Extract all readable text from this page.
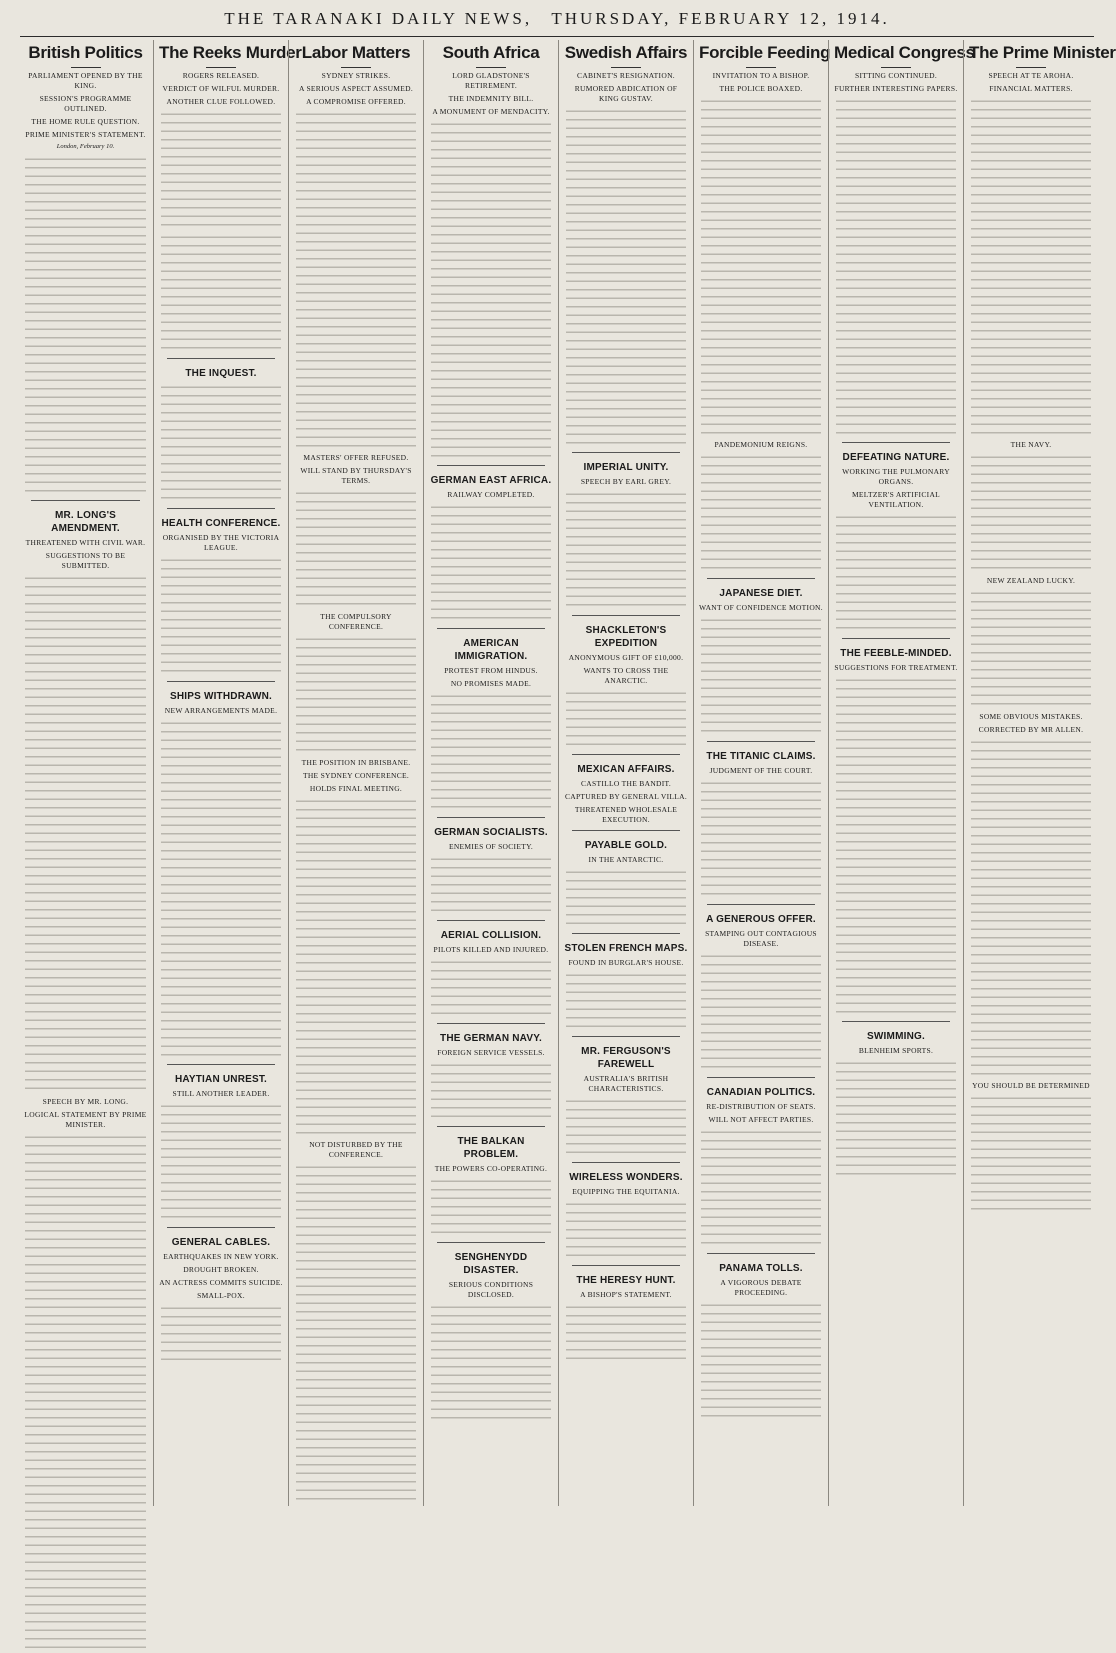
THE TARANAKI DAILY NEWS, THURSDAY, FEBRUARY 12, 1914.
British Politics
PARLIAMENT OPENED BY THE KING.
SESSION'S PROGRAMME OUTLINED.
THE HOME RULE QUESTION.
PRIME MINISTER'S STATEMENT.
London, February 10.
MR. LONG'S AMENDMENT.
THREATENED WITH CIVIL WAR.
SUGGESTIONS TO BE SUBMITTED.
SPEECH BY MR. LONG.
LOGICAL STATEMENT BY PRIME MINISTER.
The Reeks Murder
ROGERS RELEASED.
VERDICT OF WILFUL MURDER.
ANOTHER CLUE FOLLOWED.
THE INQUEST.
HEALTH CONFERENCE.
ORGANISED BY THE VICTORIA LEAGUE.
SHIPS WITHDRAWN.
NEW ARRANGEMENTS MADE.
HAYTIAN UNREST.
STILL ANOTHER LEADER.
GENERAL CABLES.
EARTHQUAKES IN NEW YORK.
DROUGHT BROKEN.
AN ACTRESS COMMITS SUICIDE.
SMALL-POX.
Labor Matters
SYDNEY STRIKES.
A SERIOUS ASPECT ASSUMED.
A COMPROMISE OFFERED.
MASTERS' OFFER REFUSED.
WILL STAND BY THURSDAY'S TERMS.
THE COMPULSORY CONFERENCE.
THE POSITION IN BRISBANE.
THE SYDNEY CONFERENCE.
HOLDS FINAL MEETING.
NOT DISTURBED BY THE CONFERENCE.
South Africa
LORD GLADSTONE'S RETIREMENT.
THE INDEMNITY BILL.
A MONUMENT OF MENDACITY.
GERMAN EAST AFRICA.
RAILWAY COMPLETED.
AMERICAN IMMIGRATION.
PROTEST FROM HINDUS.
NO PROMISES MADE.
GERMAN SOCIALISTS.
ENEMIES OF SOCIETY.
AERIAL COLLISION.
PILOTS KILLED AND INJURED.
THE GERMAN NAVY.
FOREIGN SERVICE VESSELS.
THE BALKAN PROBLEM.
THE POWERS CO-OPERATING.
SENGHENYDD DISASTER.
SERIOUS CONDITIONS DISCLOSED.
Swedish Affairs
CABINET'S RESIGNATION.
RUMORED ABDICATION OF KING GUSTAV.
IMPERIAL UNITY.
SPEECH BY EARL GREY.
SHACKLETON'S EXPEDITION
ANONYMOUS GIFT OF £10,000.
WANTS TO CROSS THE ANARCTIC.
MEXICAN AFFAIRS.
CASTILLO THE BANDIT.
CAPTURED BY GENERAL VILLA.
THREATENED WHOLESALE EXECUTION.
PAYABLE GOLD.
IN THE ANTARCTIC.
STOLEN FRENCH MAPS.
FOUND IN BURGLAR'S HOUSE.
MR. FERGUSON'S FAREWELL
AUSTRALIA'S BRITISH CHARACTERISTICS.
WIRELESS WONDERS.
EQUIPPING THE EQUITANIA.
THE HERESY HUNT.
A BISHOP'S STATEMENT.
Forcible Feeding
INVITATION TO A BISHOP.
THE POLICE BOAXED.
PANDEMONIUM REIGNS.
JAPANESE DIET.
WANT OF CONFIDENCE MOTION.
THE TITANIC CLAIMS.
JUDGMENT OF THE COURT.
A GENEROUS OFFER.
STAMPING OUT CONTAGIOUS DISEASE.
CANADIAN POLITICS.
RE-DISTRIBUTION OF SEATS.
WILL NOT AFFECT PARTIES.
PANAMA TOLLS.
A VIGOROUS DEBATE PROCEEDING.
Medical Congress
SITTING CONTINUED.
FURTHER INTERESTING PAPERS.
DEFEATING NATURE.
WORKING THE PULMONARY ORGANS.
MELTZER'S ARTIFICIAL VENTILATION.
THE FEEBLE-MINDED.
SUGGESTIONS FOR TREATMENT.
SWIMMING.
BLENHEIM SPORTS.
The Prime Minister
SPEECH AT TE AROHA.
FINANCIAL MATTERS.
THE NAVY.
NEW ZEALAND LUCKY.
SOME OBVIOUS MISTAKES.
CORRECTED BY MR ALLEN.
YOU SHOULD BE DETERMINED
